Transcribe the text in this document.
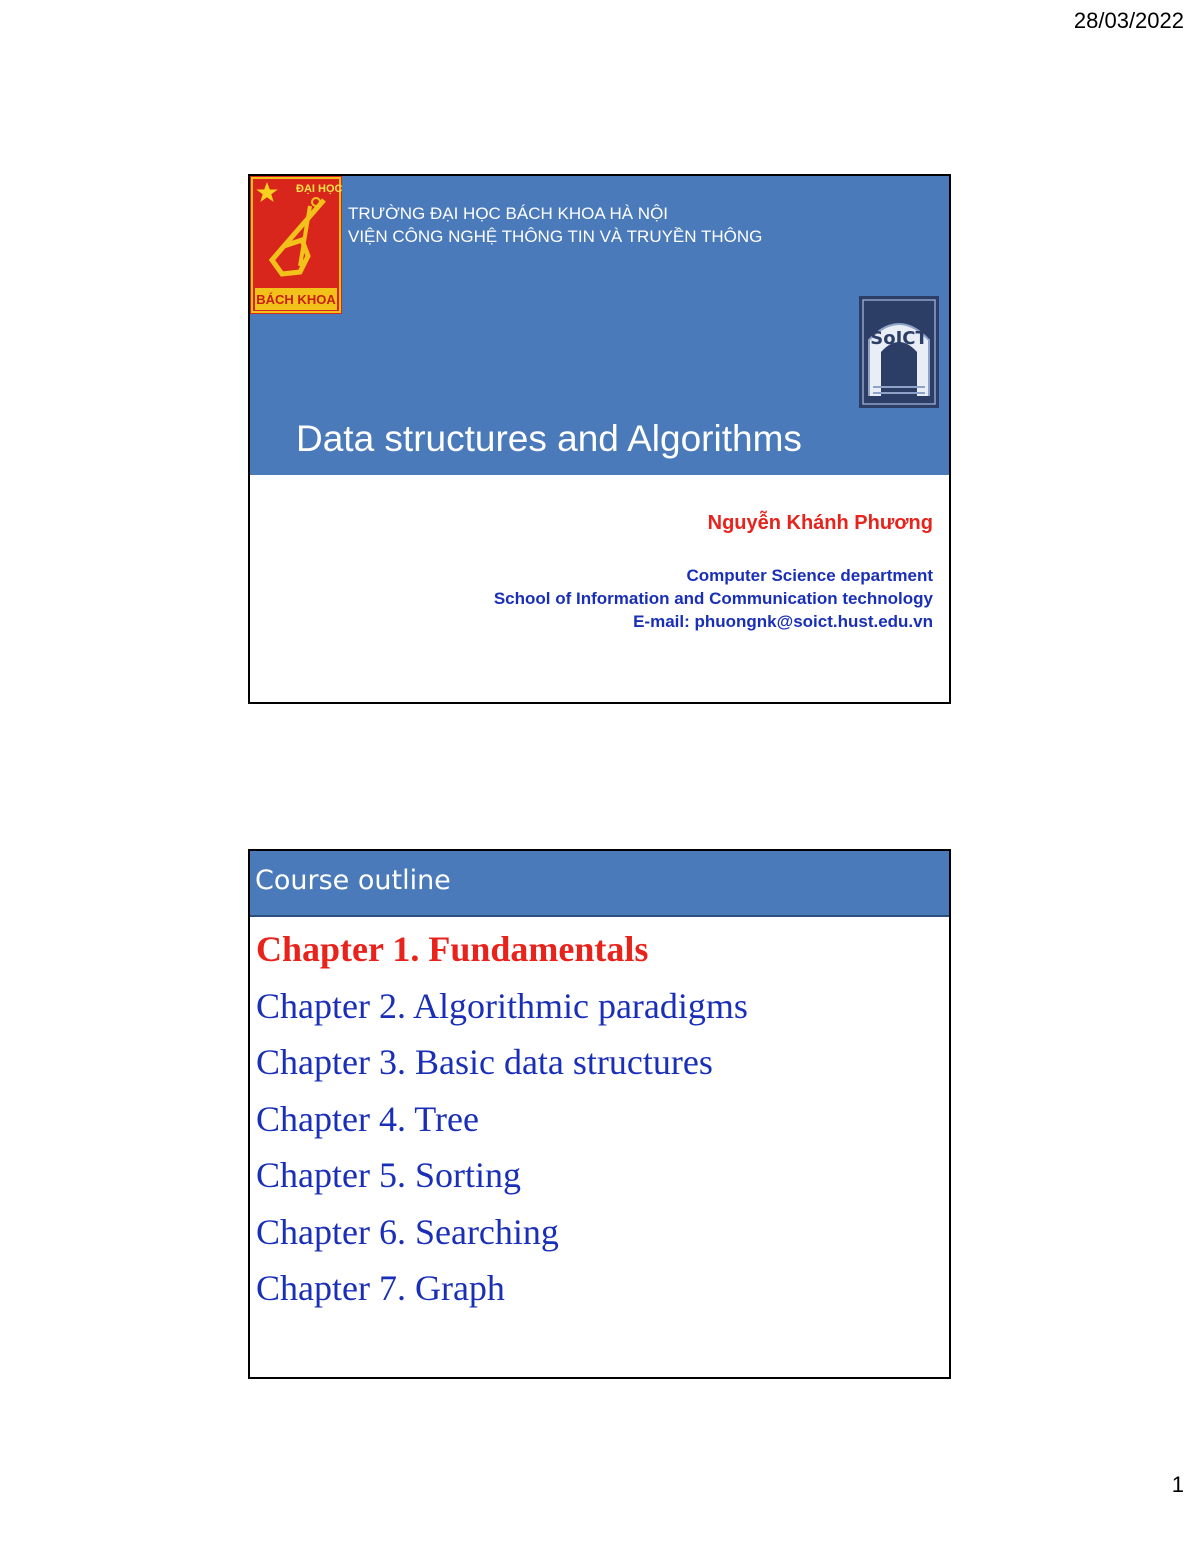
28/03/2022
ĐẠI HỌC
BÁCH KHOA
TRƯỜNG ĐẠI HỌC BÁCH KHOA HÀ NỘI
VIỆN CÔNG NGHỆ THÔNG TIN VÀ TRUYỀN THÔNG
SoICT
Data structures and Algorithms
Nguyễn Khánh Phương
Computer Science department
School of Information and Communication technology
E-mail: phuongnk@soict.hust.edu.vn
Course outline
Chapter 1. Fundamentals
Chapter 2. Algorithmic paradigms
Chapter 3. Basic data structures
Chapter 4. Tree
Chapter 5. Sorting
Chapter 6. Searching
Chapter 7. Graph
1
